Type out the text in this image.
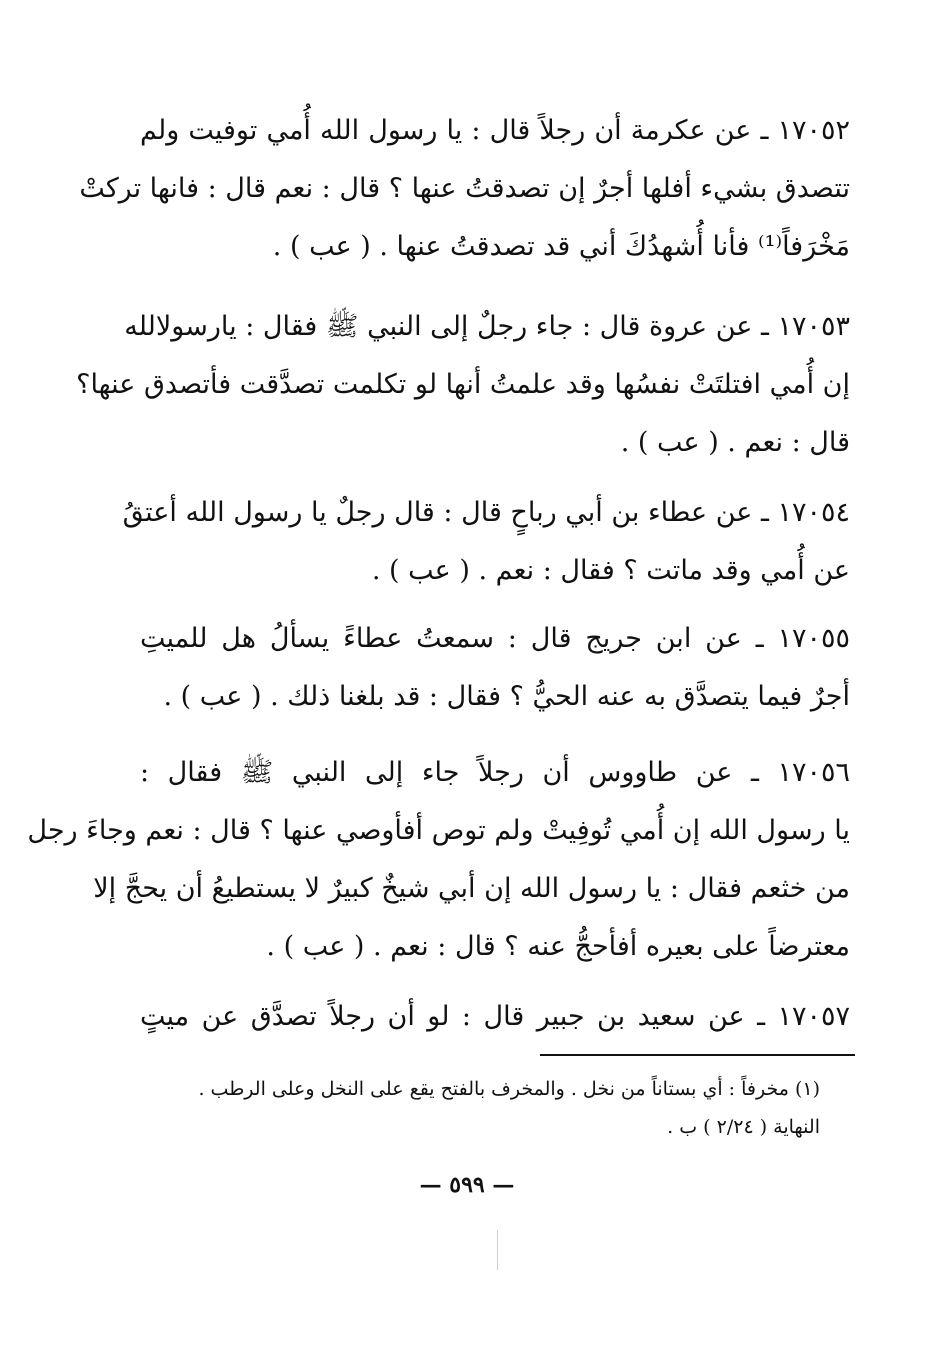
١٧٠٥٢ ـ عن عكرمة أن رجلاً قال : يا رسول الله أُمي توفيت ولم
تتصدق بشيء أفلها أجرٌ إن تصدقتُ عنها ؟ قال : نعم قال : فانها تركتْ
مَخْرَفاً⁽¹⁾ فأنا أُشهدُكَ أني قد تصدقتُ عنها . ( عب ) .
١٧٠٥٣ ـ عن عروة قال : جاء رجلٌ إلى النبي ﷺ فقال : يارسولالله
إن أُمي افتلتَتْ نفسُها وقد علمتُ أنها لو تكلمت تصدَّقت فأتصدق عنها؟
قال : نعم . ( عب ) .
١٧٠٥٤ ـ عن عطاء بن أبي رباحٍ قال : قال رجلٌ يا رسول الله أعتقُ
عن أُمي وقد ماتت ؟ فقال : نعم . ( عب ) .
١٧٠٥٥ ـ عن ابن جريج قال : سمعتُ عطاءً يسألُ هل للميتِ
أجرٌ فيما يتصدَّق به عنه الحيُّ ؟ فقال : قد بلغنا ذلك . ( عب ) .
١٧٠٥٦ ـ عن طاووس أن رجلاً جاء إلى النبي ﷺ فقال :
يا رسول الله إن أُمي تُوفِيتْ ولم توص أفأوصي عنها ؟ قال : نعم وجاءَ رجل
من خثعم فقال : يا رسول الله إن أبي شيخٌ كبيرٌ لا يستطيعُ أن يحجَّ إلا
معترضاً على بعيره أفأحجُّ عنه ؟ قال : نعم . ( عب ) .
١٧٠٥٧ ـ عن سعيد بن جبير قال : لو أن رجلاً تصدَّق عن ميتٍ
(١) مخرفاً : أي بستاناً من نخل . والمخرف بالفتح يقع على النخل وعلى الرطب .
النهاية ( ٢/٢٤ ) ب .
— ٥٩٩ —
